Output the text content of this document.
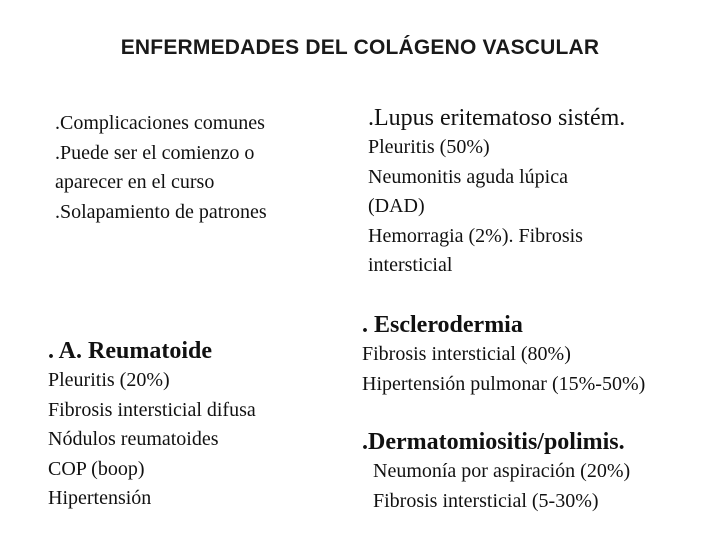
ENFERMEDADES DEL COLÁGENO VASCULAR
.Complicaciones comunes
.Puede ser el comienzo o
aparecer en el curso
.Solapamiento de patrones
.Lupus eritematoso sistém.
Pleuritis (50%)
Neumonitis aguda lúpica
(DAD)
Hemorragia (2%). Fibrosis
intersticial
. A. Reumatoide
Pleuritis (20%)
Fibrosis intersticial difusa
Nódulos reumatoides
COP (boop)
Hipertensión
. Esclerodermia
Fibrosis intersticial (80%)
Hipertensión pulmonar (15%-50%)
.Dermatomiositis/polimis.
Neumonía por aspiración (20%)
Fibrosis intersticial (5-30%)
